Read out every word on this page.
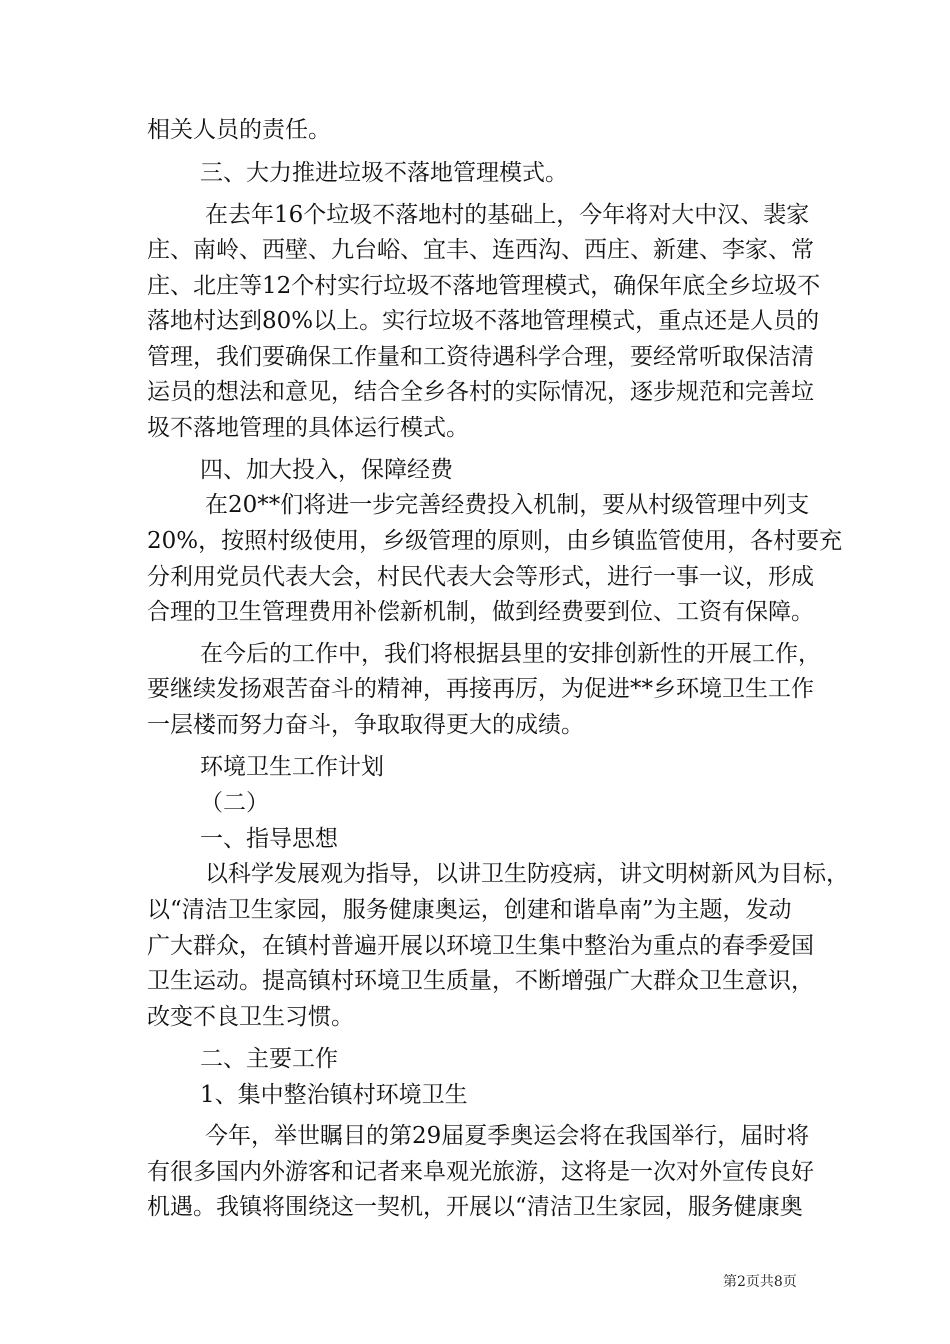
相关人员的责任。
三、大力推进垃圾不落地管理模式。
在去年16个垃圾不落地村的基础上，今年将对大中汉、裴家
庄、南岭、西壁、九台峪、宜丰、连西沟、西庄、新建、李家、常
庄、北庄等12个村实行垃圾不落地管理模式，确保年底全乡垃圾不
落地村达到80%以上。实行垃圾不落地管理模式，重点还是人员的
管理，我们要确保工作量和工资待遇科学合理，要经常听取保洁清
运员的想法和意见，结合全乡各村的实际情况，逐步规范和完善垃
圾不落地管理的具体运行模式。
四、加大投入，保障经费
在20**们将进一步完善经费投入机制，要从村级管理中列支
20%，按照村级使用，乡级管理的原则，由乡镇监管使用，各村要充
分利用党员代表大会，村民代表大会等形式，进行一事一议，形成
合理的卫生管理费用补偿新机制，做到经费要到位、工资有保障。
在今后的工作中，我们将根据县里的安排创新性的开展工作，
要继续发扬艰苦奋斗的精神，再接再厉，为促进**乡环境卫生工作
一层楼而努力奋斗，争取取得更大的成绩。
环境卫生工作计划
（二）
一、指导思想
以科学发展观为指导，以讲卫生防疫病，讲文明树新风为目标，
以“清洁卫生家园，服务健康奥运，创建和谐阜南”为主题，发动
广大群众，在镇村普遍开展以环境卫生集中整治为重点的春季爱国
卫生运动。提高镇村环境卫生质量，不断增强广大群众卫生意识，
改变不良卫生习惯。
二、主要工作
1、集中整治镇村环境卫生
今年，举世瞩目的第29届夏季奥运会将在我国举行，届时将
有很多国内外游客和记者来阜观光旅游，这将是一次对外宣传良好
机遇。我镇将围绕这一契机，开展以“清洁卫生家园，服务健康奥
第2页共8页
